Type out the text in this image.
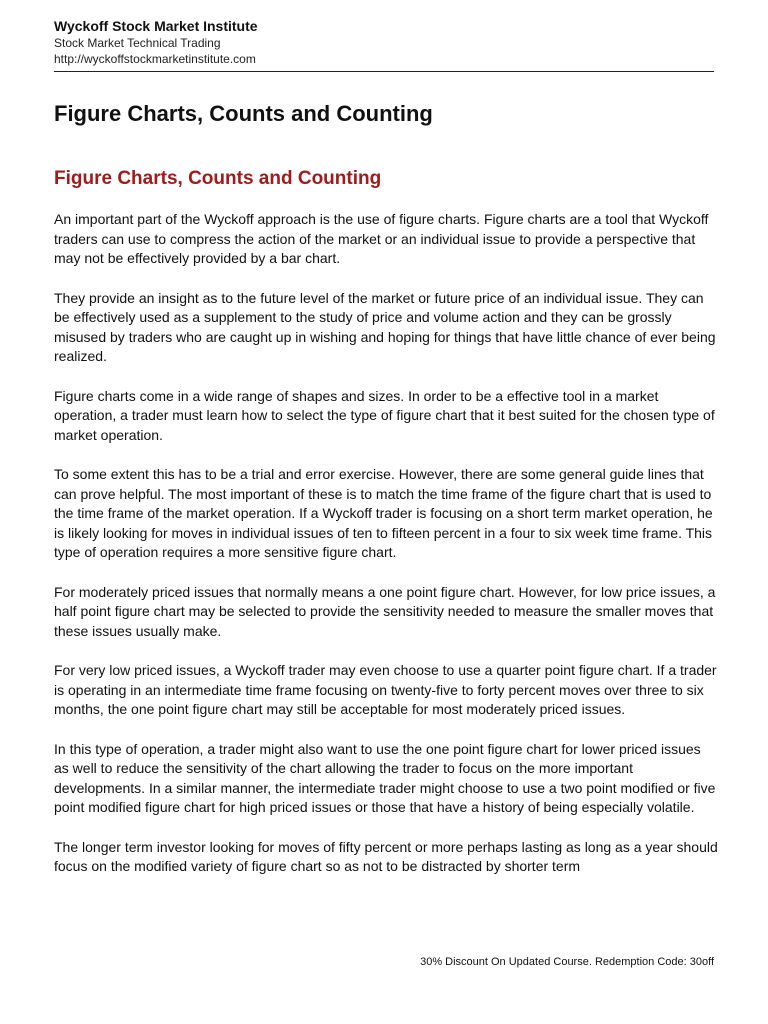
Wyckoff Stock Market Institute
Stock Market Technical Trading
http://wyckoffstockmarketinstitute.com
Figure Charts, Counts and Counting
Figure Charts, Counts and Counting

An important part of the Wyckoff approach is the use of figure charts. Figure charts are a tool that Wyckoff traders can use to compress the action of the market or an individual issue to provide a perspective that may not be effectively provided by a bar chart.

They provide an insight as to the future level of the market or future price of an individual issue. They can be effectively used as a supplement to the study of price and volume action and they can be grossly misused by traders who are caught up in wishing and hoping for things that have little chance of ever being realized.

Figure charts come in a wide range of shapes and sizes. In order to be a effective tool in a market operation, a trader must learn how to select the type of figure chart that it best suited for the chosen type of market operation.

To some extent this has to be a trial and error exercise. However, there are some general guide lines that can prove helpful. The most important of these is to match the time frame of the figure chart that is used to the time frame of the market operation. If a Wyckoff trader is focusing on a short term market operation, he is likely looking for moves in individual issues of ten to fifteen percent in a four to six week time frame. This type of operation requires a more sensitive figure chart.

For moderately priced issues that normally means a one point figure chart. However, for low price issues, a half point figure chart may be selected to provide the sensitivity needed to measure the smaller moves that these issues usually make.

For very low priced issues, a Wyckoff trader may even choose to use a quarter point figure chart. If a trader is operating in an intermediate time frame focusing on twenty-five to forty percent moves over three to six months, the one point figure chart may still be acceptable for most moderately priced issues.

In this type of operation, a trader might also want to use the one point figure chart for lower priced issues as well to reduce the sensitivity of the chart allowing the trader to focus on the more important developments. In a similar manner, the intermediate trader might choose to use a two point modified or five point modified figure chart for high priced issues or those that have a history of being especially volatile.

The longer term investor looking for moves of fifty percent or more perhaps lasting as long as a year should focus on the modified variety of figure chart so as not to be distracted by shorter term

30% Discount On Updated Course. Redemption Code: 30off
